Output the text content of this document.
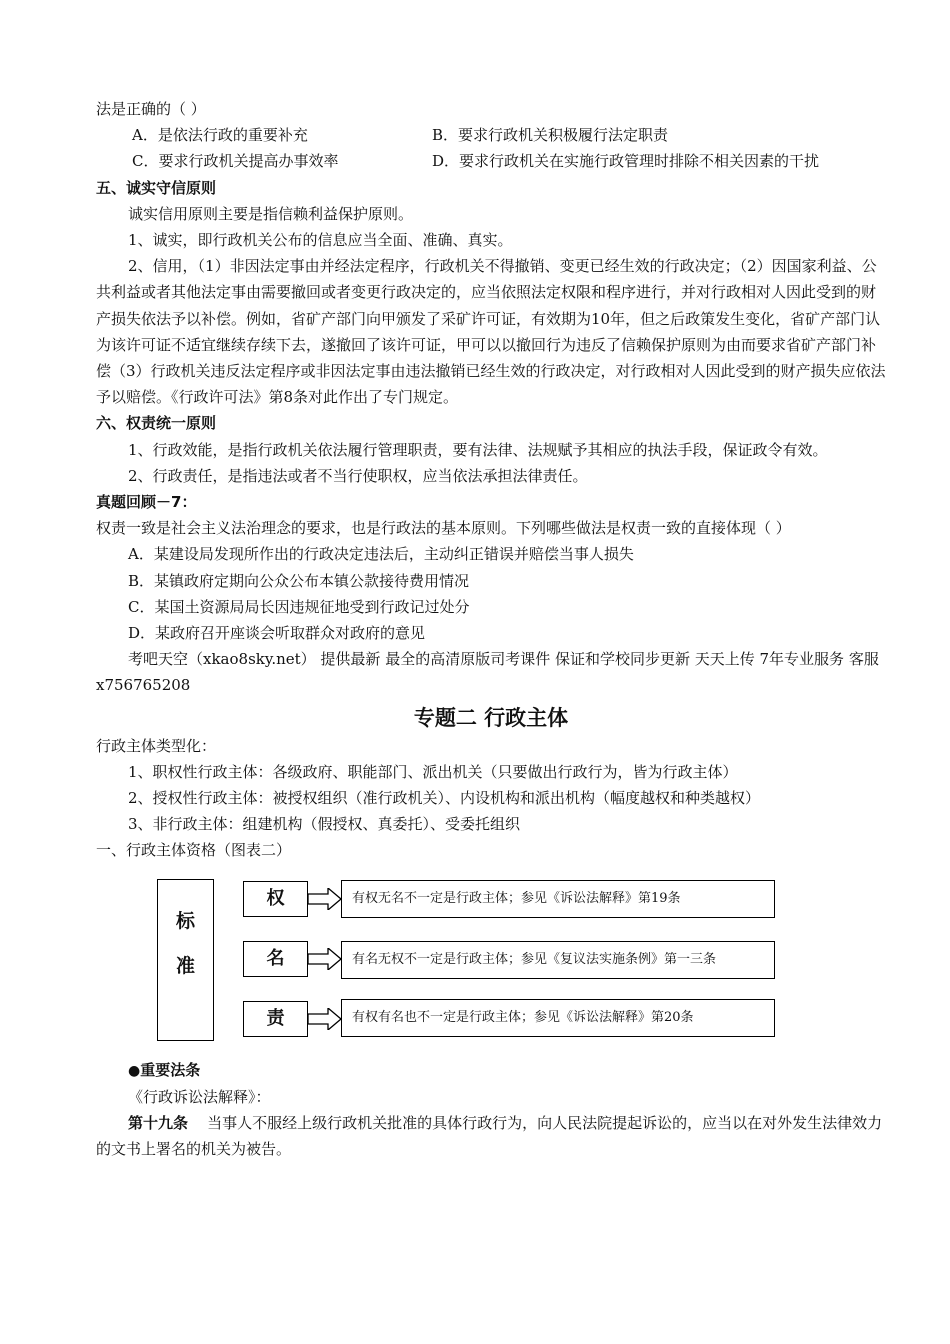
法是正确的（ ）

A．是依法行政的重要补充	B．要求行政机关积极履行法定职责
C．要求行政机关提高办事效率	D．要求行政机关在实施行政管理时排除不相关因素的干扰

五、诚实守信原则

诚实信用原则主要是指信赖利益保护原则。

1、诚实，即行政机关公布的信息应当全面、准确、真实。

2、信用，（1）非因法定事由并经法定程序，行政机关不得撤销、变更已经生效的行政决定；（2）因国家利益、公共利益或者其他法定事由需要撤回或者变更行政决定的，应当依照法定权限和程序进行，并对行政相对人因此受到的财产损失依法予以补偿。例如，省矿产部门向甲颁发了采矿许可证，有效期为10年，但之后政策发生变化，省矿产部门认为该许可证不适宜继续存续下去，遂撤回了该许可证，甲可以以撤回行为违反了信赖保护原则为由而要求省矿产部门补偿（3）行政机关违反法定程序或非因法定事由违法撤销已经生效的行政决定，对行政相对人因此受到的财产损失应依法予以赔偿。《行政许可法》第8条对此作出了专门规定。

六、权责统一原则

1、行政效能，是指行政机关依法履行管理职责，要有法律、法规赋予其相应的执法手段，保证政令有效。

2、行政责任，是指违法或者不当行使职权，应当依法承担法律责任。

真题回顾－7：权责一致是社会主义法治理念的要求，也是行政法的基本原则。下列哪些做法是权责一致的直接体现（ ）

A．某建设局发现所作出的行政决定违法后，主动纠正错误并赔偿当事人损失

B．某镇政府定期向公众公布本镇公款接待费用情况

C．某国土资源局局长因违规征地受到行政记过处分

D．某政府召开座谈会听取群众对政府的意见

考吧天空（xkao8sky.net） 提供最新 最全的高清原版司考课件 保证和学校同步更新 天天上传 7年专业服务 客服x756765208

专题二 行政主体

行政主体类型化：

1、职权性行政主体：各级政府、职能部门、派出机关（只要做出行政行为，皆为行政主体）

2、授权性行政主体：被授权组织（准行政机关）、内设机构和派出机构（幅度越权和种类越权）

3、非行政主体：组建机构（假授权、真委托）、受委托组织

一、行政主体资格（图表二）

标
准
权	有权无名不一定是行政主体；参见《诉讼法解释》第19条
名	有名无权不一定是行政主体；参见《复议法实施条例》第一三条
责	有权有名也不一定是行政主体；参见《诉讼法解释》第20条

●重要法条

《行政诉讼法解释》：

第十九条 当事人不服经上级行政机关批准的具体行政行为，向人民法院提起诉讼的，应当以在对外发生法律效力的文书上署名的机关为被告。
